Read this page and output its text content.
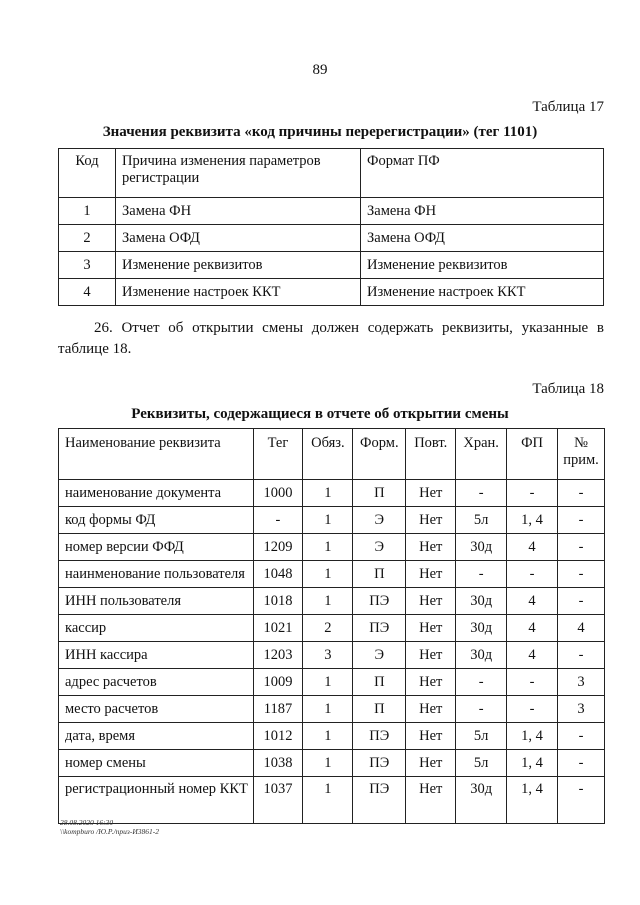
89
Таблица 17
Значения реквизита «код причины перерегистрации» (тег 1101)
Код	Причина изменения параметров регистрации	Формат ПФ
1	Замена ФН	Замена ФН
2	Замена ОФД	Замена ОФД
3	Изменение реквизитов	Изменение реквизитов
4	Изменение настроек ККТ	Изменение настроек ККТ
26. Отчет об открытии смены должен содержать реквизиты, указанные в таблице 18.
Таблица 18
Реквизиты, содержащиеся в отчете об открытии смены
Наименование реквизита	Тег	Обяз.	Форм.	Повт.	Хран.	ФП	№ прим.
наименование документа	1000	1	П	Нет	-	-	-
код формы ФД	-	1	Э	Нет	5л	1, 4	-
номер версии ФФД	1209	1	Э	Нет	30д	4	-
наинменование пользователя	1048	1	П	Нет	-	-	-
ИНН пользователя	1018	1	ПЭ	Нет	30д	4	-
кассир	1021	2	ПЭ	Нет	30д	4	4
ИНН кассира	1203	3	Э	Нет	30д	4	-
адрес расчетов	1009	1	П	Нет	-	-	3
место расчетов	1187	1	П	Нет	-	-	3
дата, время	1012	1	ПЭ	Нет	5л	1, 4	-
номер смены	1038	1	ПЭ	Нет	5л	1, 4	-
регистрационный номер ККТ	1037	1	ПЭ	Нет	30д	1, 4	-
28.08.2020 16:30
\\kompburo /Ю.Р./приз-И3861-2
